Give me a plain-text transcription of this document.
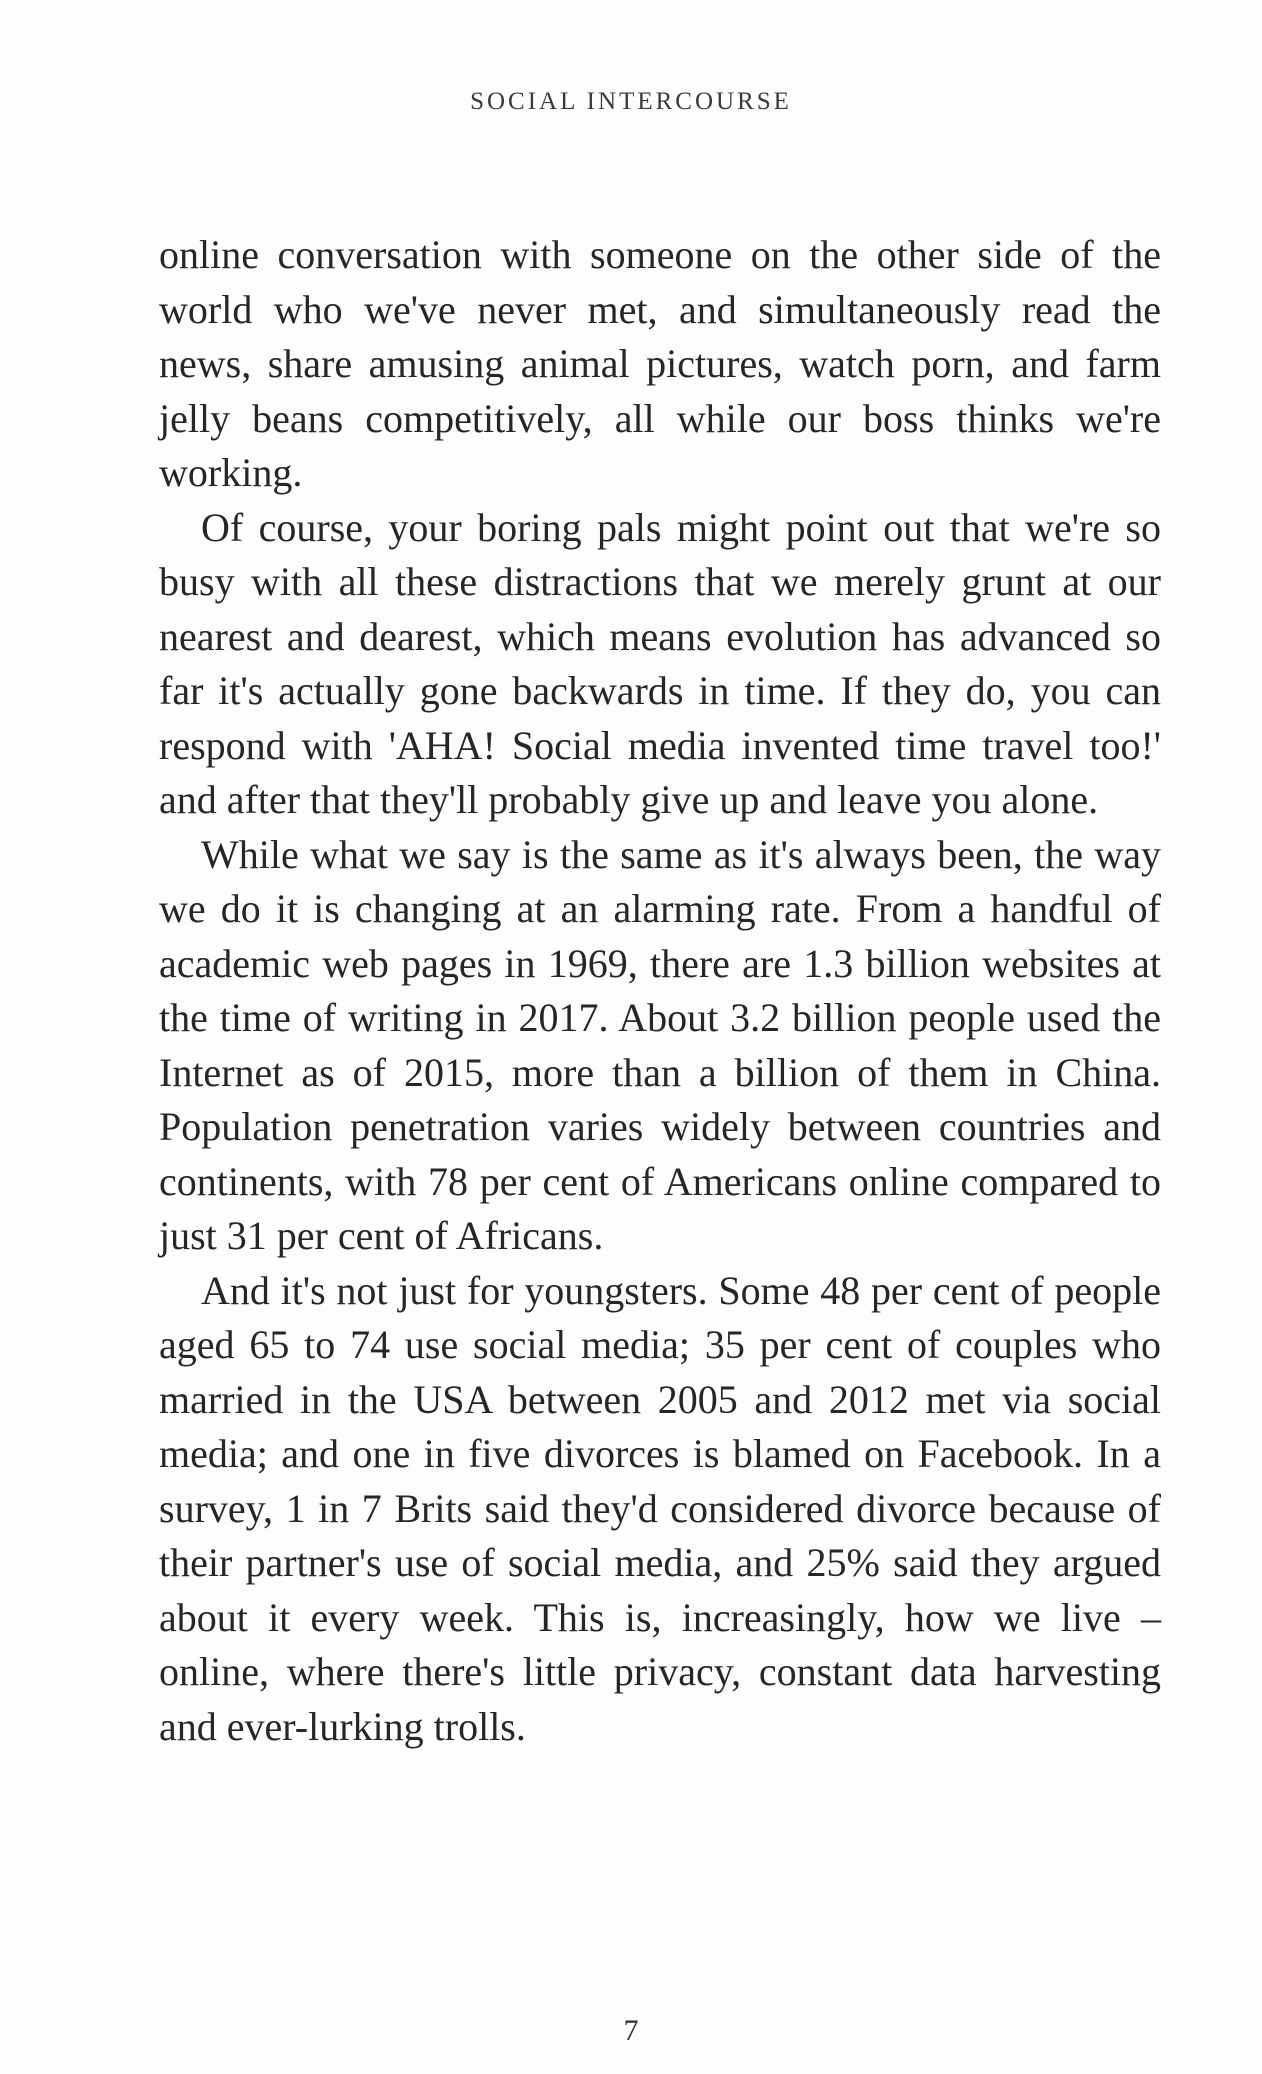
SOCIAL INTERCOURSE

online conversation with someone on the other side of the world who we've never met, and simultaneously read the news, share amusing animal pictures, watch porn, and farm jelly beans competitively, all while our boss thinks we're working.

Of course, your boring pals might point out that we're so busy with all these distractions that we merely grunt at our nearest and dearest, which means evolution has advanced so far it's actually gone backwards in time. If they do, you can respond with 'AHA! Social media invented time travel too!' and after that they'll probably give up and leave you alone.

While what we say is the same as it's always been, the way we do it is changing at an alarming rate. From a handful of academic web pages in 1969, there are 1.3 billion websites at the time of writing in 2017. About 3.2 billion people used the Internet as of 2015, more than a billion of them in China. Population penetration varies widely between countries and continents, with 78 per cent of Americans online compared to just 31 per cent of Africans.

And it's not just for youngsters. Some 48 per cent of people aged 65 to 74 use social media; 35 per cent of couples who married in the USA between 2005 and 2012 met via social media; and one in five divorces is blamed on Facebook. In a survey, 1 in 7 Brits said they'd considered divorce because of their partner's use of social media, and 25% said they argued about it every week. This is, increasingly, how we live – online, where there's little privacy, constant data harvesting and ever-lurking trolls.

7
